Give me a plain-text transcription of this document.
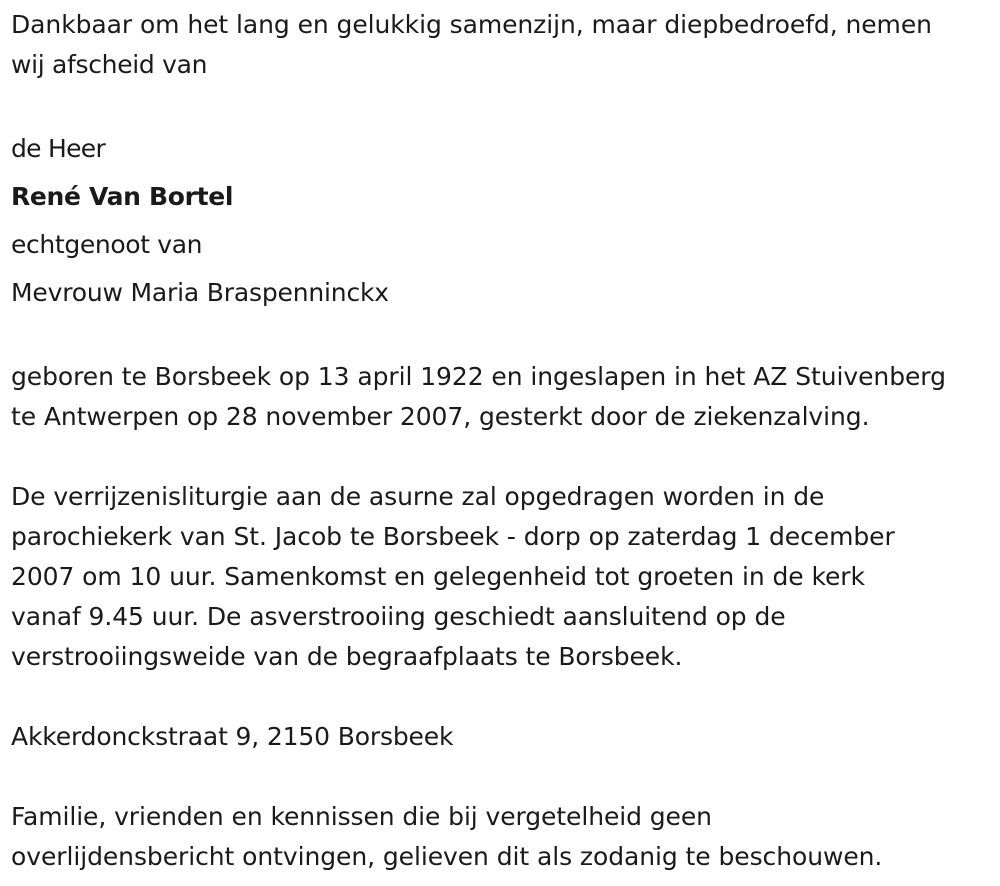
Dankbaar om het lang en gelukkig samenzijn, maar diepbedroefd, nemen
wij afscheid van
de Heer
René Van Bortel
echtgenoot van
Mevrouw Maria Braspenninckx
geboren te Borsbeek op 13 april 1922 en ingeslapen in het AZ Stuivenberg
te Antwerpen op 28 november 2007, gesterkt door de ziekenzalving.
De verrijzenisliturgie aan de asurne zal opgedragen worden in de
parochiekerk van St. Jacob te Borsbeek - dorp op zaterdag 1 december
2007 om 10 uur. Samenkomst en gelegenheid tot groeten in de kerk
vanaf 9.45 uur. De asverstrooiing geschiedt aansluitend op de
verstrooiingsweide van de begraafplaats te Borsbeek.
Akkerdonckstraat 9, 2150 Borsbeek
Familie, vrienden en kennissen die bij vergetelheid geen
overlijdensbericht ontvingen, gelieven dit als zodanig te beschouwen.
